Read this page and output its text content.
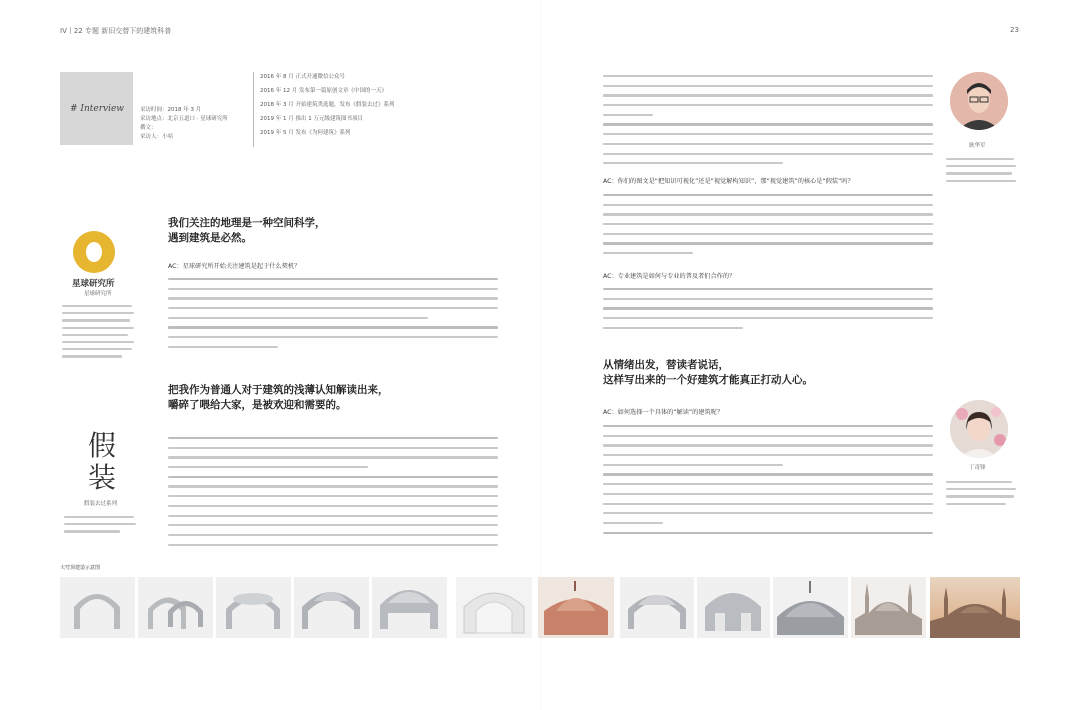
IV丨22 专题 新旧交替下的建筑科普	23
# Interview	采访时间：2018 年 3 月
采访地点：北京五道口 · 星球研究所
撰文：
采访人：小咕
2016 年 8 月 正式开通微信公众号
2016 年 12 月 发布第一篇原创文章《中国的一天》
2018 年 3 月 开始建筑类选题，发布《假装去过》系列
2019 年 1 月 推出 1 万元级建筑图书项目
2019 年 5 月 发布《为何建筑》系列
我们关注的地理是一种空间科学，
遇到建筑是必然。
星球研究所
星球研究所
AC：星球研究所开始关注建筑是起于什么契机？
把我作为普通人对于建筑的浅薄认知解读出来，
嚼碎了喂给大家，是被欢迎和需要的。
假
装
假装去过系列
AC：你们的图文是“把知识可视化”还是“视觉解构知识”，那“视觉建筑”的核心是“假装”吗？
AC：专业建筑是如何与专业的普及者们合作的？
从情绪出发，替读者说话，
这样写出来的一个好建筑才能真正打动人心。
AC：如何选择一个具体的“解读”的建筑呢？
耿华军
丁奇锋
大穹顶建造示意图
